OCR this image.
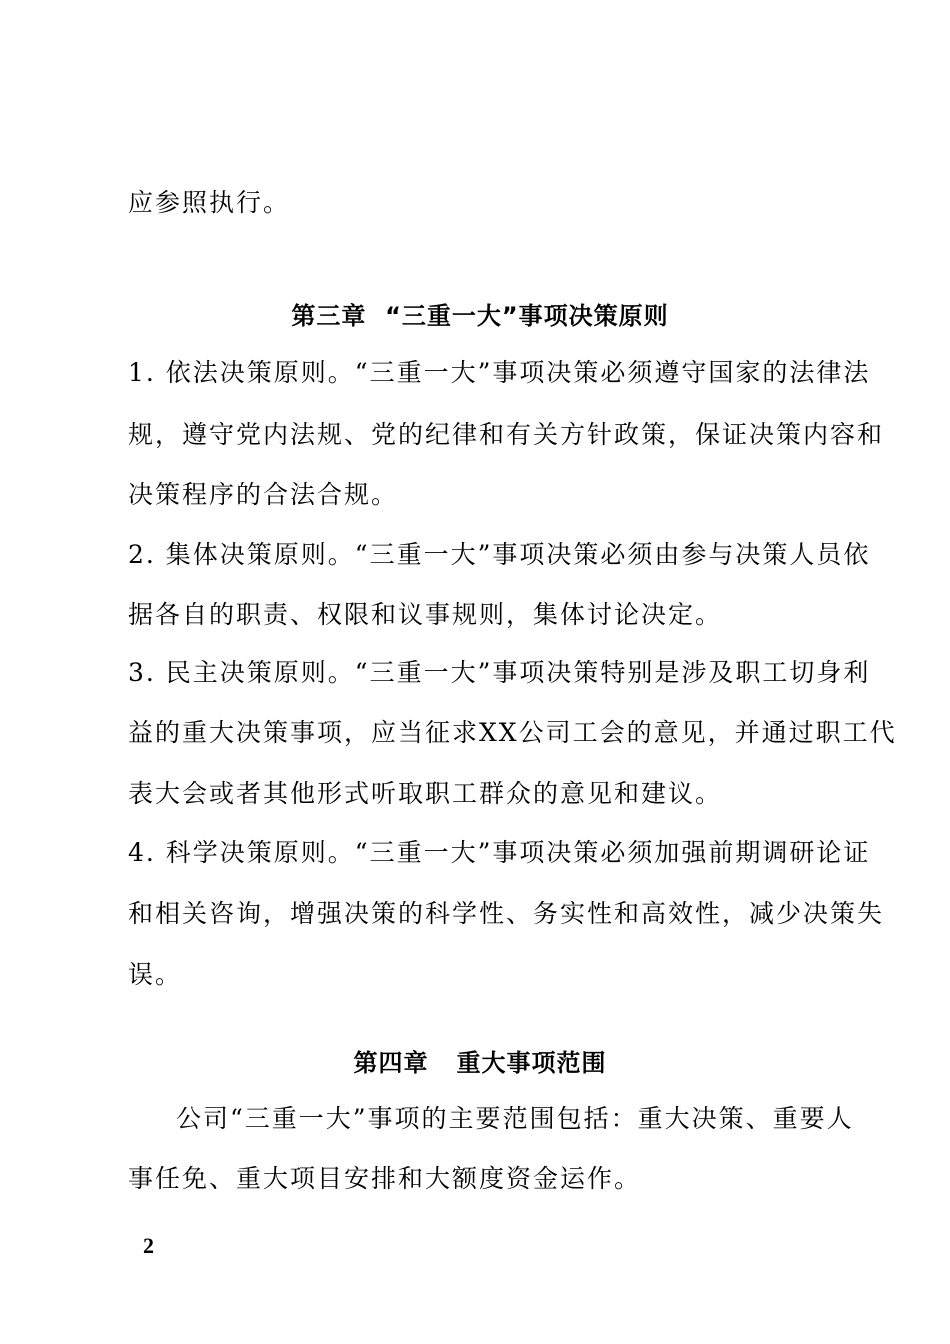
应参照执行。
第三章  “三重一大”事项决策原则
1. 依法决策原则。“三重一大”事项决策必须遵守国家的法律法
规，遵守党内法规、党的纪律和有关方针政策，保证决策内容和
决策程序的合法合规。
2. 集体决策原则。“三重一大”事项决策必须由参与决策人员依
据各自的职责、权限和议事规则，集体讨论决定。
3. 民主决策原则。“三重一大”事项决策特别是涉及职工切身利
益的重大决策事项，应当征求XX公司工会的意见，并通过职工代
表大会或者其他形式听取职工群众的意见和建议。
4. 科学决策原则。“三重一大”事项决策必须加强前期调研论证
和相关咨询，增强决策的科学性、务实性和高效性，减少决策失
误。
第四章   重大事项范围
公司“三重一大”事项的主要范围包括：重大决策、重要人
事任免、重大项目安排和大额度资金运作。
2
